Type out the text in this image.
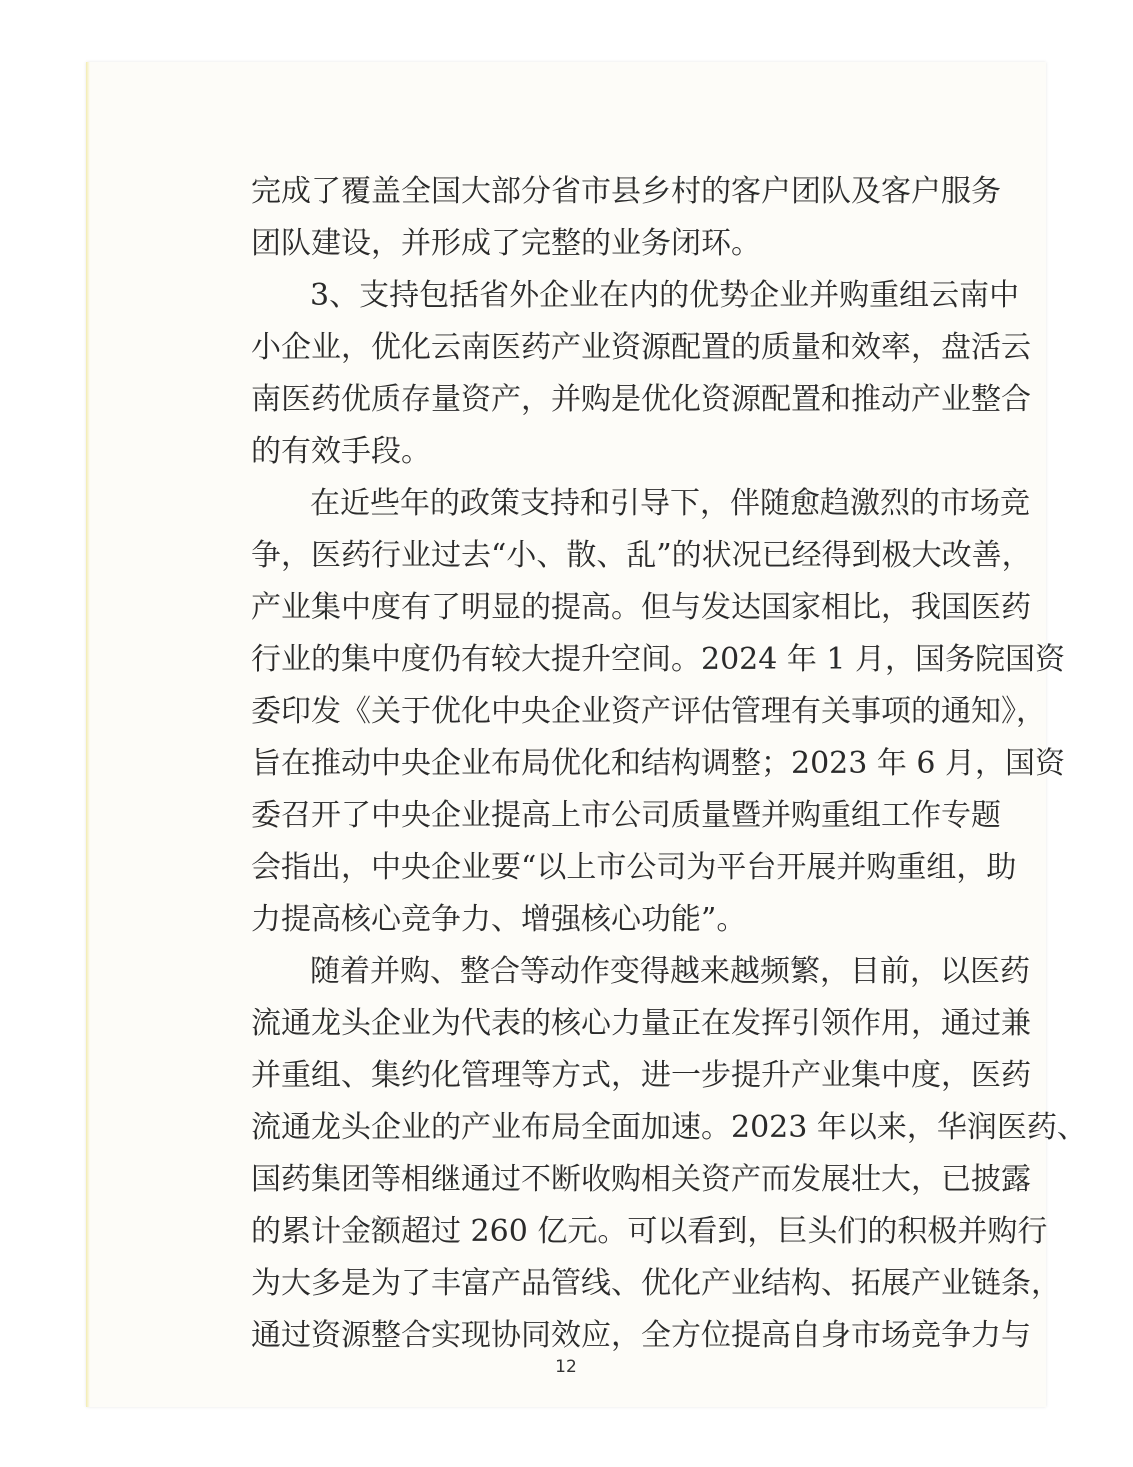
完成了覆盖全国大部分省市县乡村的客户团队及客户服务
团队建设，并形成了完整的业务闭环。
3、支持包括省外企业在内的优势企业并购重组云南中
小企业，优化云南医药产业资源配置的质量和效率，盘活云
南医药优质存量资产，并购是优化资源配置和推动产业整合
的有效手段。
在近些年的政策支持和引导下，伴随愈趋激烈的市场竞
争，医药行业过去“小、散、乱”的状况已经得到极大改善，
产业集中度有了明显的提高。但与发达国家相比，我国医药
行业的集中度仍有较大提升空间。2024 年 1 月，国务院国资
委印发《关于优化中央企业资产评估管理有关事项的通知》，
旨在推动中央企业布局优化和结构调整；2023 年 6 月，国资
委召开了中央企业提高上市公司质量暨并购重组工作专题
会指出，中央企业要“以上市公司为平台开展并购重组，助
力提高核心竞争力、增强核心功能”。
随着并购、整合等动作变得越来越频繁，目前，以医药
流通龙头企业为代表的核心力量正在发挥引领作用，通过兼
并重组、集约化管理等方式，进一步提升产业集中度，医药
流通龙头企业的产业布局全面加速。2023 年以来，华润医药、
国药集团等相继通过不断收购相关资产而发展壮大，已披露
的累计金额超过 260 亿元。可以看到，巨头们的积极并购行
为大多是为了丰富产品管线、优化产业结构、拓展产业链条，
通过资源整合实现协同效应，全方位提高自身市场竞争力与
12
